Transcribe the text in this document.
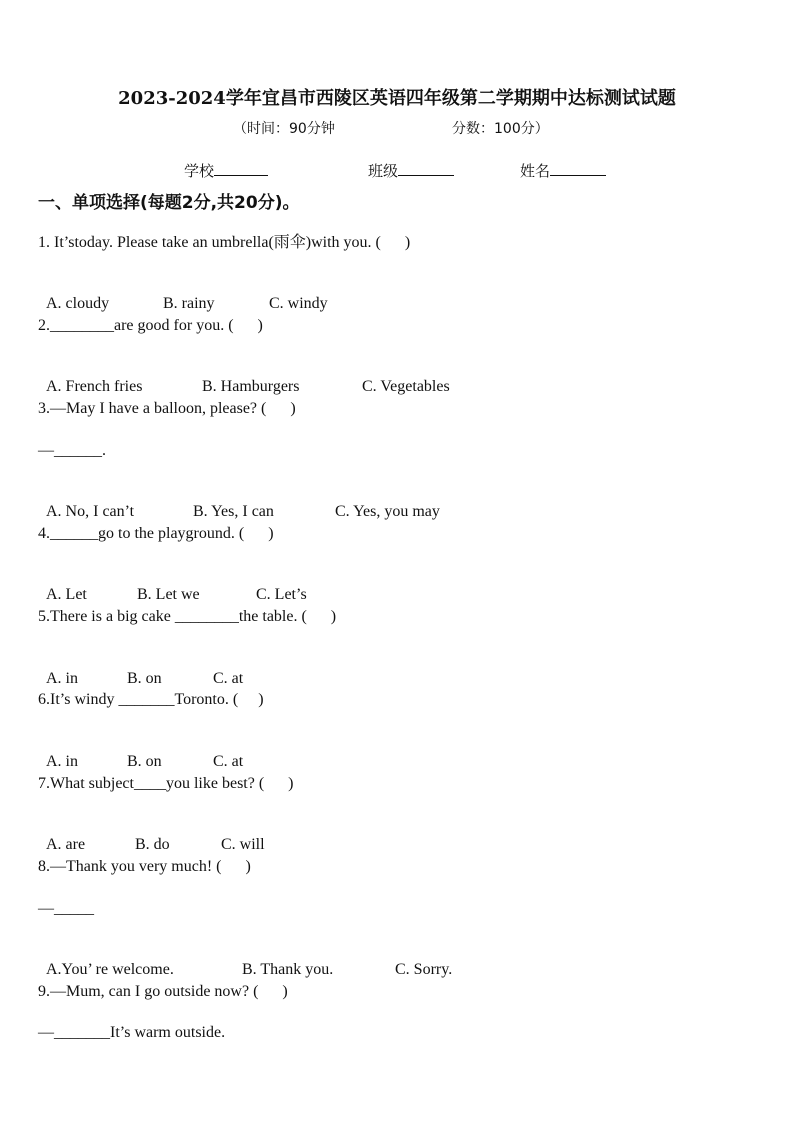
2023-2024学年宜昌市西陵区英语四年级第二学期期中达标测试试题
（时间：90分钟	分数：100分）
学校	班级	姓名
一、单项选择(每题2分,共20分)。
1. It’stoday. Please take an umbrella(雨伞)with you. (      )

A. cloudy	B. rainy	C. windy

2.________are good for you. (      )

A. French fries	B. Hamburgers	C. Vegetables

3.—May I have a balloon, please? (      )
—______.

A. No, I can’t	B. Yes, I can	C. Yes, you may

4.______go to the playground. (      )

A. Let	B. Let we	C. Let’s

5.There is a big cake ________the table. (      )

A. in	B. on	C. at

6.It’s windy _______Toronto. (     )

A. in	B. on	C. at

7.What subject____you like best? (      )

A. are	B. do	C. will

8.—Thank you very much! (      )
—_____

A.You’ re welcome.	B. Thank you.	C. Sorry.

9.—Mum, can I go outside now? (      )
—_______It’s warm outside.
